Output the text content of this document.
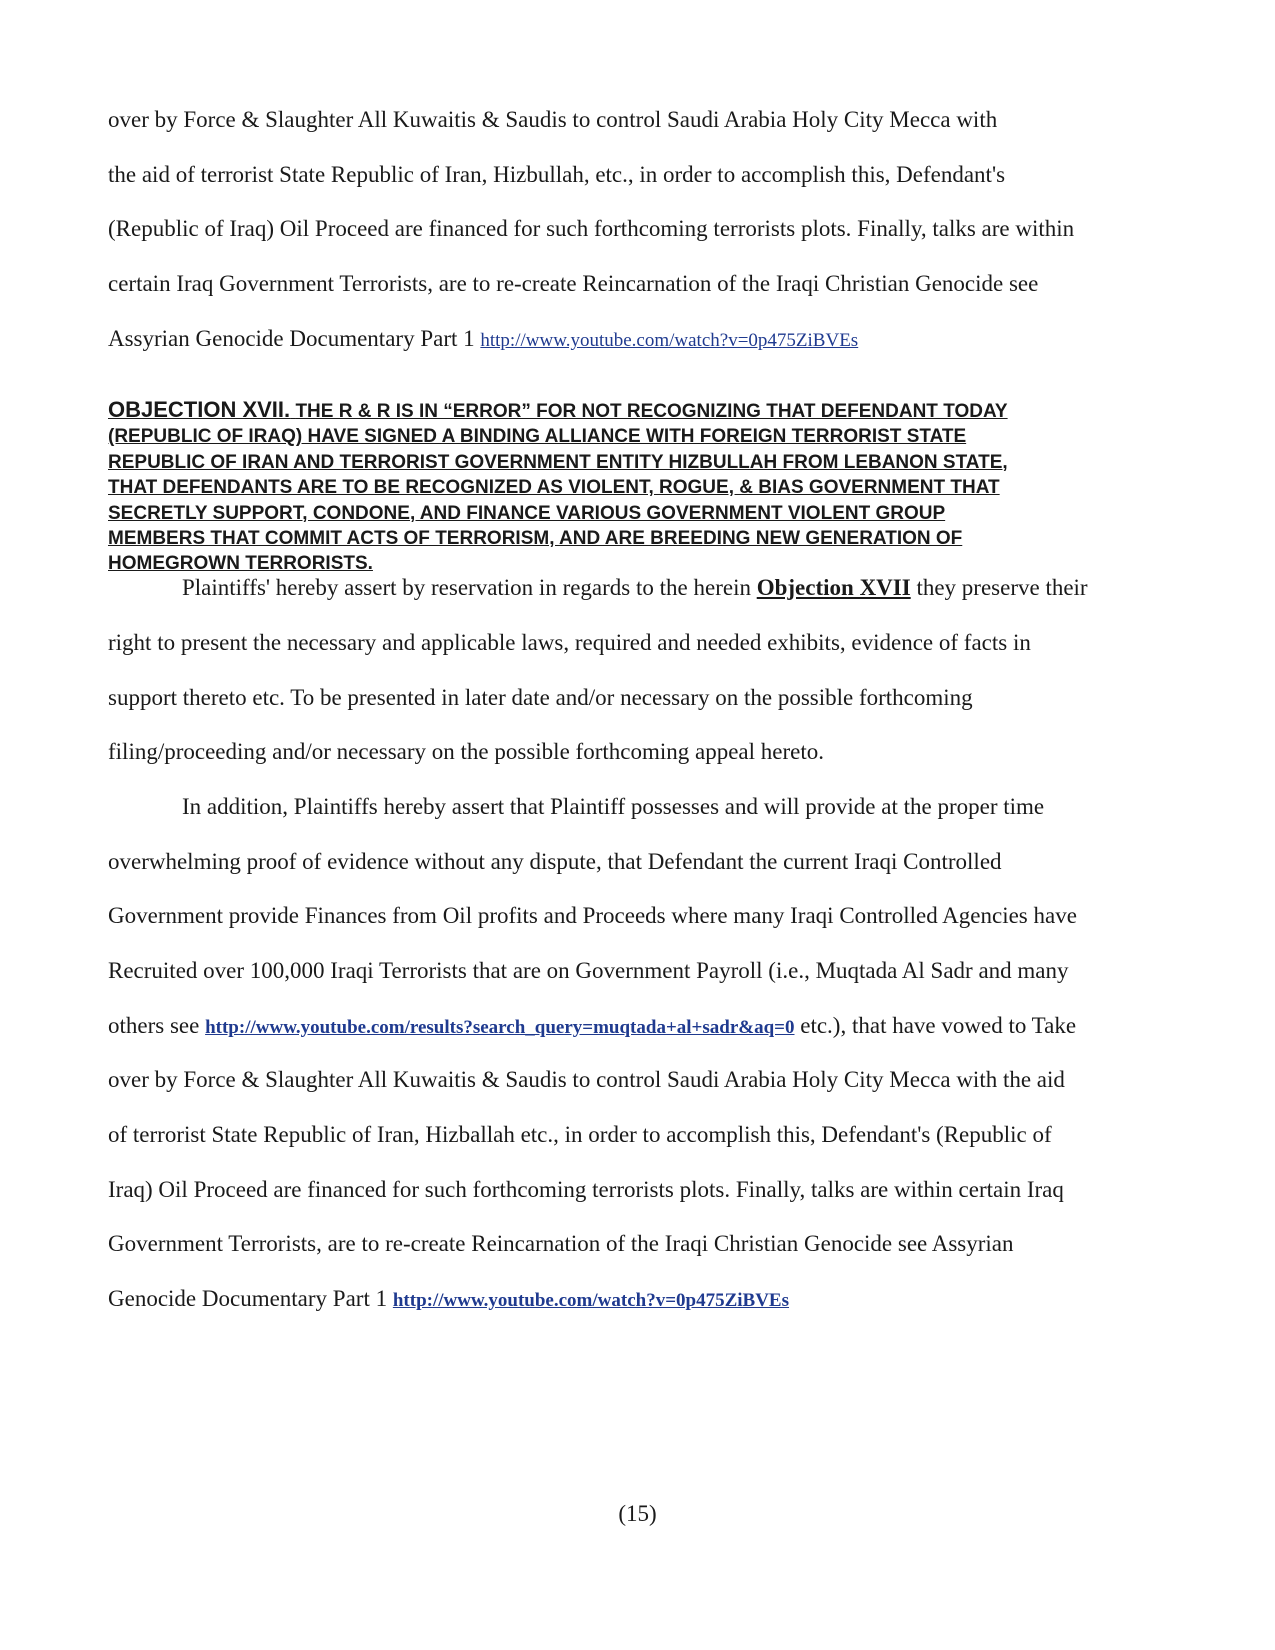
over by Force & Slaughter All Kuwaitis & Saudis to control Saudi Arabia Holy City Mecca with

the aid of terrorist State Republic of Iran, Hizbullah, etc., in order to accomplish this, Defendant's

(Republic of Iraq) Oil Proceed are financed for such forthcoming terrorists plots. Finally, talks are within

certain Iraq Government Terrorists, are to re-create Reincarnation of the Iraqi Christian Genocide see

Assyrian Genocide Documentary Part 1 http://www.youtube.com/watch?v=0p475ZiBVEs

OBJECTION XVII. THE R & R IS IN “ERROR” FOR NOT RECOGNIZING THAT DEFENDANT TODAY
(REPUBLIC OF IRAQ) HAVE SIGNED A BINDING ALLIANCE WITH FOREIGN TERRORIST STATE
REPUBLIC OF IRAN AND TERRORIST GOVERNMENT ENTITY HIZBULLAH FROM LEBANON STATE,
THAT DEFENDANTS ARE TO BE RECOGNIZED AS VIOLENT, ROGUE, & BIAS GOVERNMENT THAT
SECRETLY SUPPORT, CONDONE, AND FINANCE VARIOUS GOVERNMENT VIOLENT GROUP
MEMBERS THAT COMMIT ACTS OF TERRORISM, AND ARE BREEDING NEW GENERATION OF
HOMEGROWN TERRORISTS.

Plaintiffs' hereby assert by reservation in regards to the herein Objection XVII they preserve their

right to present the necessary and applicable laws, required and needed exhibits, evidence of facts in

support thereto etc. To be presented in later date and/or necessary on the possible forthcoming

filing/proceeding and/or necessary on the possible forthcoming appeal hereto.

In addition, Plaintiffs hereby assert that Plaintiff possesses and will provide at the proper time

overwhelming proof of evidence without any dispute, that Defendant the current Iraqi Controlled

Government provide Finances from Oil profits and Proceeds where many Iraqi Controlled Agencies have

Recruited over 100,000 Iraqi Terrorists that are on Government Payroll (i.e., Muqtada Al Sadr and many

others see http://www.youtube.com/results?search_query=muqtada+al+sadr&aq=0 etc.), that have vowed to Take

over by Force & Slaughter All Kuwaitis & Saudis to control Saudi Arabia Holy City Mecca with the aid

of terrorist State Republic of Iran, Hizballah etc., in order to accomplish this, Defendant's (Republic of

Iraq) Oil Proceed are financed for such forthcoming terrorists plots. Finally, talks are within certain Iraq

Government Terrorists, are to re-create Reincarnation of the Iraqi Christian Genocide see Assyrian

Genocide Documentary Part 1 http://www.youtube.com/watch?v=0p475ZiBVEs

(15)
